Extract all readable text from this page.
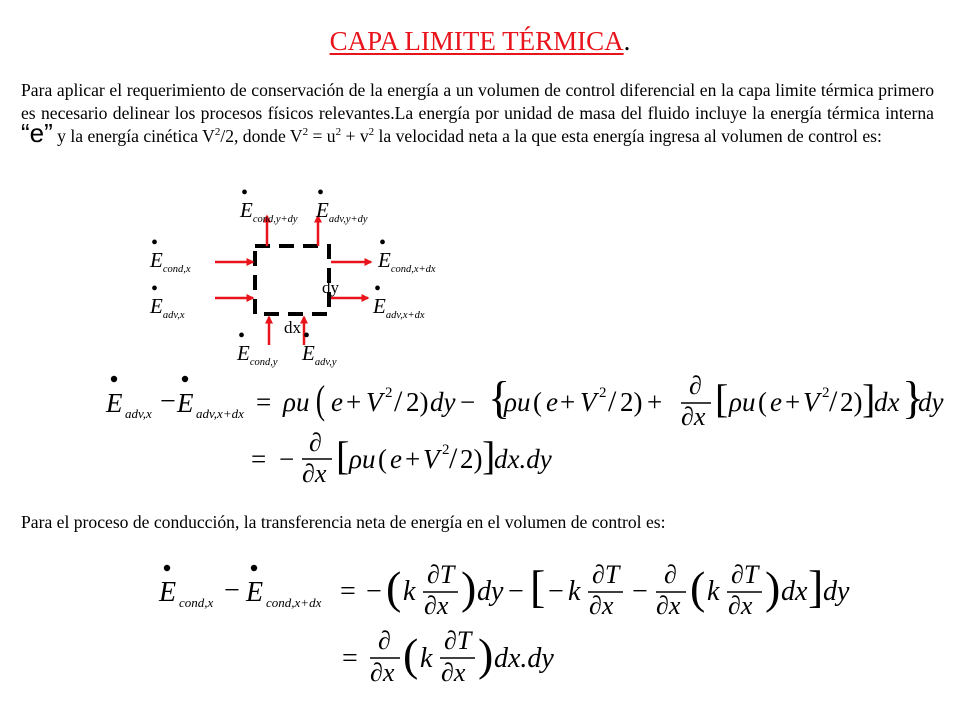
CAPA LIMITE TÉRMICA.
Para aplicar el requerimiento de conservación de la energía a un volumen de control diferencial en la capa limite térmica primero es necesario delinear los procesos físicos relevantes.La energía por unidad de masa del fluido incluye la energía térmica interna “e” y la energía cinética $V^2/2$, donde $V^2 = u^2 + v^2$ la velocidad neta a la que esta energía ingresa al volumen de control es:
•
$E_{cond,y+dy}$
•
$E_{adv,y+dy}$
•
$E_{cond,x}$
•
$E_{cond,x+dx}$
•
$E_{adv,x}$
•
$E_{adv,x+dx}$
•
$E_{cond,y}$
•
$E_{adv,y}$
dy
dx
E adv,x − E adv,x+dx = ρu ( e + V 2 / 2) dy − {
ρu ( e + V 2 / 2) +
∂
∂x [ ρu ( e + V 2 / 2) ]
dx }
dy
= −
∂
∂x [ ρu ( e + V 2 / 2) ]
dx.dy
Para el proceso de conducción, la transferencia neta de energía en el volumen de control es:
E cond,x − E cond,x+dx = − ( k
∂T
∂x ) dy − [ − k
∂T
∂x −
∂
∂x ( k
∂T
∂x ) dx ] dy
=
∂
∂x ( k
∂T
∂x ) dx.dy
